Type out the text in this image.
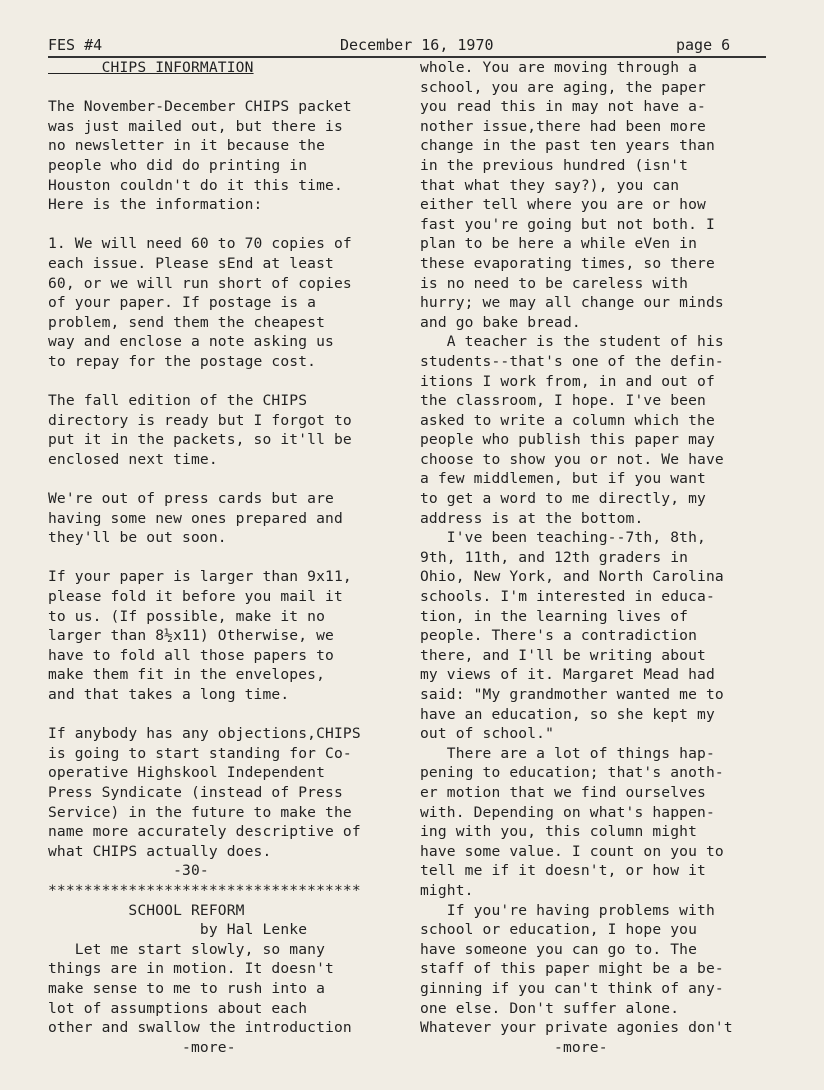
FES #4	December 16, 1970	page 6
CHIPS INFORMATION
The November-December CHIPS packet
was just mailed out, but there is
no newsletter in it because the
people who did do printing in
Houston couldn't do it this time.
Here is the information:
1. We will need 60 to 70 copies of
each issue. Please sEnd at least
60, or we will run short of copies
of your paper. If postage is a
problem, send them the cheapest
way and enclose a note asking us
to repay for the postage cost.
The fall edition of the CHIPS
directory is ready but I forgot to
put it in the packets, so it'll be
enclosed next time.
We're out of press cards but are
having some new ones prepared and
they'll be out soon.
If your paper is larger than 9x11,
please fold it before you mail it
to us. (If possible, make it no
larger than 8½x11) Otherwise, we
have to fold all those papers to
make them fit in the envelopes,
and that takes a long time.
If anybody has any objections,CHIPS
is going to start standing for Co-
operative Highskool Independent
Press Syndicate (instead of Press
Service) in the future to make the
name more accurately descriptive of
what CHIPS actually does.
-30-
***********************************
SCHOOL REFORM
by Hal Lenke
Let me start slowly, so many
things are in motion. It doesn't
make sense to me to rush into a
lot of assumptions about each
other and swallow the introduction
-more-
whole. You are moving through a
school, you are aging, the paper
you read this in may not have a-
nother issue,there had been more
change in the past ten years than
in the previous hundred (isn't
that what they say?), you can
either tell where you are or how
fast you're going but not both. I
plan to be here a while eVen in
these evaporating times, so there
is no need to be careless with
hurry; we may all change our minds
and go bake bread.
A teacher is the student of his
students--that's one of the defin-
itions I work from, in and out of
the classroom, I hope. I've been
asked to write a column which the
people who publish this paper may
choose to show you or not. We have
a few middlemen, but if you want
to get a word to me directly, my
address is at the bottom.
I've been teaching--7th, 8th,
9th, 11th, and 12th graders in
Ohio, New York, and North Carolina
schools. I'm interested in educa-
tion, in the learning lives of
people. There's a contradiction
there, and I'll be writing about
my views of it. Margaret Mead had
said: "My grandmother wanted me to
have an education, so she kept my
out of school."
There are a lot of things hap-
pening to education; that's anoth-
er motion that we find ourselves
with. Depending on what's happen-
ing with you, this column might
have some value. I count on you to
tell me if it doesn't, or how it
might.
If you're having problems with
school or education, I hope you
have someone you can go to. The
staff of this paper might be a be-
ginning if you can't think of any-
one else. Don't suffer alone.
Whatever your private agonies don't
-more-
